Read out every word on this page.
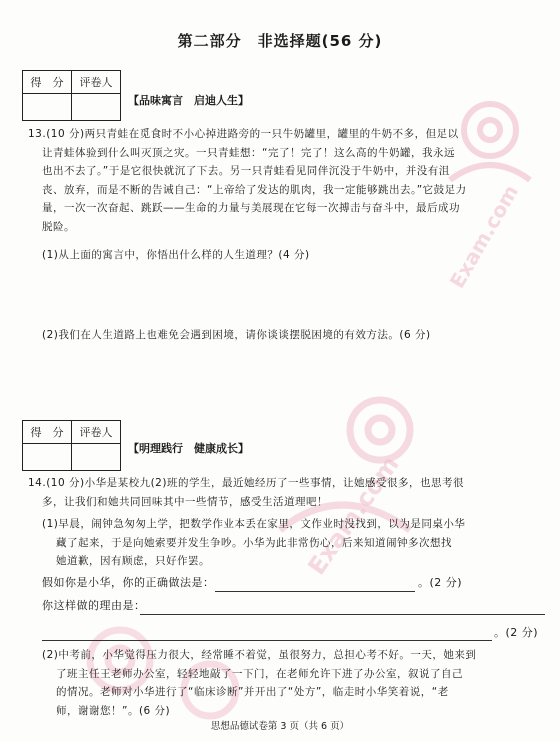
Exam.com
Exam.com
第二部分　非选择题(56 分)
得　分	评卷人

【品味寓言　启迪人生】
13.(10 分)两只青蛙在觅食时不小心掉进路旁的一只牛奶罐里，罐里的牛奶不多，但足以
让青蛙体验到什么叫灭顶之灾。一只青蛙想：“完了！完了！这么高的牛奶罐，我永远
也出不去了。”于是它很快就沉了下去。另一只青蛙看见同伴沉没于牛奶中，并没有沮
丧、放弃，而是不断的告诫自己：“上帝给了发达的肌肉，我一定能够跳出去。”它鼓足力
量，一次一次奋起、跳跃——生命的力量与美展现在它每一次搏击与奋斗中，最后成功
脱险。
(1)从上面的寓言中，你悟出什么样的人生道理？(4 分)
(2)我们在人生道路上也难免会遇到困境，请你谈谈摆脱困境的有效方法。(6 分)
得　分	评卷人

【明理践行　健康成长】
14.(10 分)小华是某校九(2)班的学生，最近她经历了一些事情，让她感受很多，也思考很
多，让我们和她共同回味其中一些情节，感受生活道理吧！
(1)早晨，闹钟急匆匆上学，把数学作业本丢在家里，文作业时没找到，以为是同桌小华
藏了起来，于是向她索要并发生争吵。小华为此非常伤心，后来知道闹钟多次想找
她道歉，因有顾虑，只好作罢。
假如你是小华，你的正确做法是：	。(2 分)
你这样做的理由是：
。(2 分)
(2)中考前，小华觉得压力很大，经常睡不着觉，虽很努力，总担心考不好。一天，她来到
了班主任王老师办公室，轻轻地敲了一下门，在老师允许下进了办公室，叙说了自己
的情况。老师对小华进行了“临床诊断”并开出了“处方”，临走时小华笑着说，“老
师，谢谢您！”。(6 分)
思想品德试卷第 3 页（共 6 页）
